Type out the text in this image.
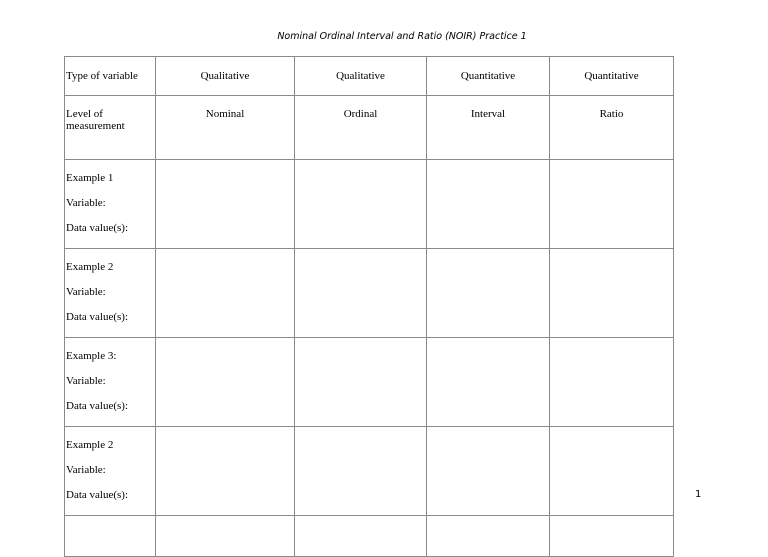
Nominal Ordinal Interval and Ratio (NOIR) Practice 1
Type of variable	Qualitative	Qualitative	Quantitative	Quantitative
Level of measurement	Nominal	Ordinal	Interval	Ratio

Example 1
Variable:
Data value(s):				

Example 2
Variable:
Data value(s):				

Example 3:
Variable:
Data value(s):				

Example 2
Variable:
Data value(s):				

					1
